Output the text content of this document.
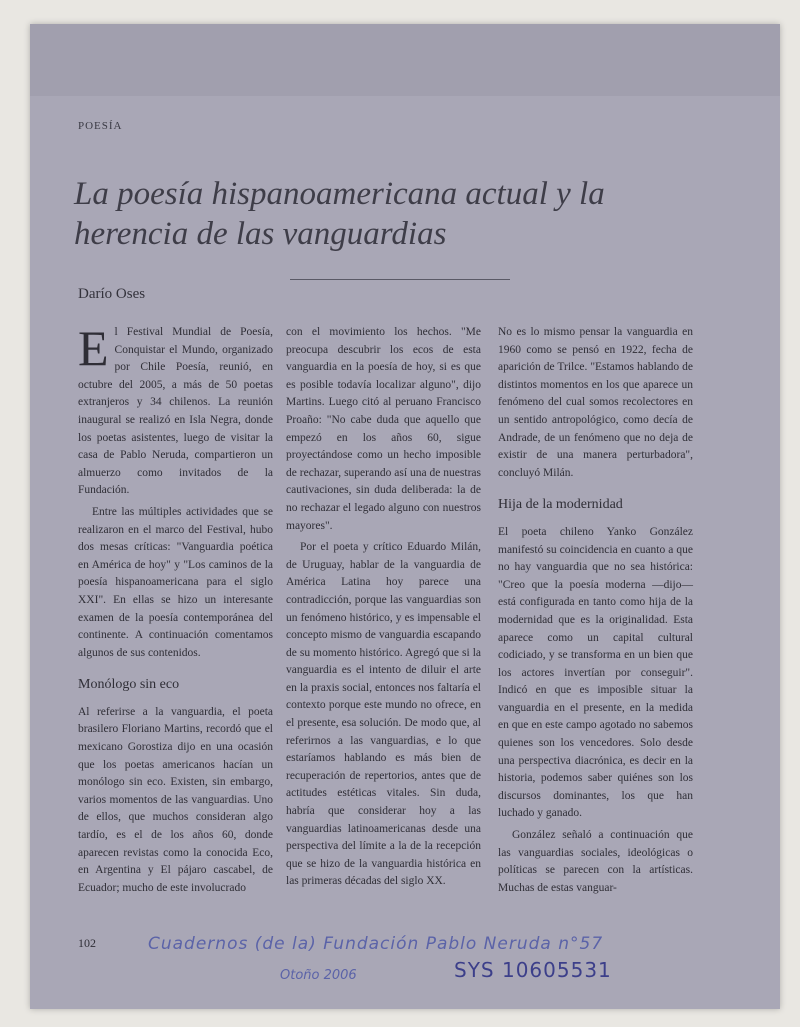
POESÍA
La poesía hispanoamericana actual y la herencia de las vanguardias
Darío Oses

El Festival Mundial de Poesía, Conquistar el Mundo, organizado por Chile Poesía, reunió, en octubre del 2005, a más de 50 poetas extranjeros y 34 chilenos. La reunión inaugural se realizó en Isla Negra, donde los poetas asistentes, luego de visitar la casa de Pablo Neruda, compartieron un almuerzo como invitados de la Fundación.

Entre las múltiples actividades que se realizaron en el marco del Festival, hubo dos mesas críticas: "Vanguardia poética en América de hoy" y "Los caminos de la poesía hispanoamericana para el siglo XXI". En ellas se hizo un interesante examen de la poesía contemporánea del continente. A continuación comentamos algunos de sus contenidos.

Monólogo sin eco

Al referirse a la vanguardia, el poeta brasilero Floriano Martins, recordó que el mexicano Gorostiza dijo en una ocasión que los poetas americanos hacían un monólogo sin eco. Existen, sin embargo, varios momentos de las vanguardias. Uno de ellos, que muchos consideran algo tardío, es el de los años 60, donde aparecen revistas como la conocida Eco, en Argentina y El pájaro cascabel, de Ecuador; mucho de este involucrado

con el movimiento los hechos. "Me preocupa descubrir los ecos de esta vanguardia en la poesía de hoy, si es que es posible todavía localizar alguno", dijo Martins. Luego citó al peruano Francisco Proaño: "No cabe duda que aquello que empezó en los años 60, sigue proyectándose como un hecho imposible de rechazar, superando así una de nuestras cautivaciones, sin duda deliberada: la de no rechazar el legado alguno con nuestros mayores".

Por el poeta y crítico Eduardo Milán, de Uruguay, hablar de la vanguardia de América Latina hoy parece una contradicción, porque las vanguardias son un fenómeno histórico, y es impensable el concepto mismo de vanguardia escapando de su momento histórico. Agregó que si la vanguardia es el intento de diluir el arte en la praxis social, entonces nos faltaría el contexto porque este mundo no ofrece, en el presente, esa solución. De modo que, al referirnos a las vanguardias, e lo que estaríamos hablando es más bien de recuperación de repertorios, antes que de actitudes estéticas vitales. Sin duda, habría que considerar hoy a las vanguardias latinoamericanas desde una perspectiva del límite a la de la recepción que se hizo de la vanguardia histórica en las primeras décadas del siglo XX.

No es lo mismo pensar la vanguardia en 1960 como se pensó en 1922, fecha de aparición de Trilce. "Estamos hablando de distintos momentos en los que aparece un fenómeno del cual somos recolectores en un sentido antropológico, como decía de Andrade, de un fenómeno que no deja de existir de una manera perturbadora", concluyó Milán.

Hija de la modernidad

El poeta chileno Yanko González manifestó su coincidencia en cuanto a que no hay vanguardia que no sea histórica: "Creo que la poesía moderna —dijo— está configurada en tanto como hija de la modernidad que es la originalidad. Esta aparece como un capital cultural codiciado, y se transforma en un bien que los actores invertían por conseguir". Indicó en que es imposible situar la vanguardia en el presente, en la medida en que en este campo agotado no sabemos quienes son los vencedores. Solo desde una perspectiva diacrónica, es decir en la historia, podemos saber quiénes son los discursos dominantes, los que han luchado y ganado.

González señaló a continuación que las vanguardias sociales, ideológicas o políticas se parecen con la artísticas. Muchas de estas vanguar-

102	Cuadernos (de la) Fundación Pablo Neruda n°57
Otoño 2006	SYS 10605531
